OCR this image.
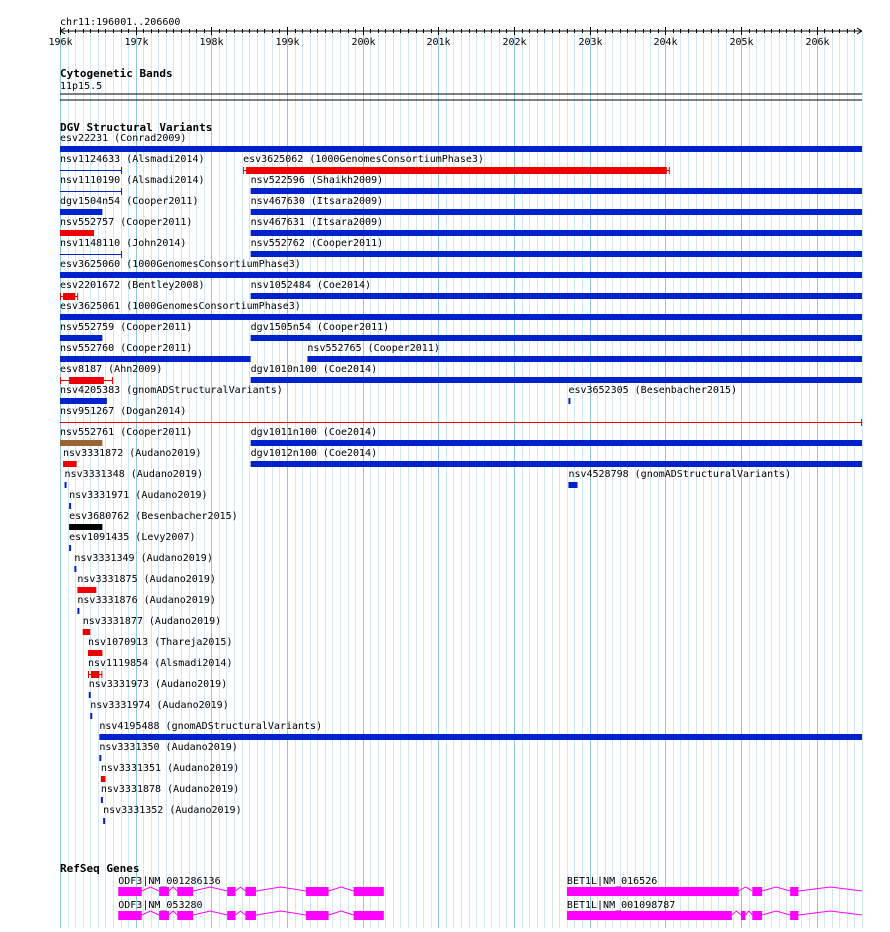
chr11:196001..206600
196k	197k	198k	199k	200k	201k	202k	203k	204k	205k	206k
Cytogenetic Bands
11p15.5
DGV Structural Variants
esv22231 (Conrad2009)
nsv1124633 (Alsmadi2014)	esv3625062 (1000GenomesConsortiumPhase3)
nsv1110190 (Alsmadi2014)	nsv522596 (Shaikh2009)
dgv1504n54 (Cooper2011)	nsv467630 (Itsara2009)
nsv552757 (Cooper2011)	nsv467631 (Itsara2009)
nsv1148110 (John2014)	nsv552762 (Cooper2011)
esv3625060 (1000GenomesConsortiumPhase3)
esv2201672 (Bentley2008)	nsv1052484 (Coe2014)
esv3625061 (1000GenomesConsortiumPhase3)
nsv552759 (Cooper2011)	dgv1505n54 (Cooper2011)
nsv552760 (Cooper2011)	nsv552765 (Cooper2011)
esv8187 (Ahn2009)	dgv1010n100 (Coe2014)
nsv4205383 (gnomADStructuralVariants)	esv3652305 (Besenbacher2015)
nsv951267 (Dogan2014)
nsv552761 (Cooper2011)	dgv1011n100 (Coe2014)
nsv3331872 (Audano2019)	dgv1012n100 (Coe2014)
nsv3331348 (Audano2019)	nsv4528798 (gnomADStructuralVariants)
nsv3331971 (Audano2019)
esv3680762 (Besenbacher2015)
esv1091435 (Levy2007)
nsv3331349 (Audano2019)
nsv3331875 (Audano2019)
nsv3331876 (Audano2019)
nsv3331877 (Audano2019)
nsv1070913 (Thareja2015)
nsv1119854 (Alsmadi2014)
nsv3331973 (Audano2019)
nsv3331974 (Audano2019)
nsv4195488 (gnomADStructuralVariants)
nsv3331350 (Audano2019)
nsv3331351 (Audano2019)
nsv3331878 (Audano2019)
nsv3331352 (Audano2019)
RefSeq Genes
ODF3|NM_001286136
ODF3|NM_053280
BET1L|NM_016526
BET1L|NM_001098787
